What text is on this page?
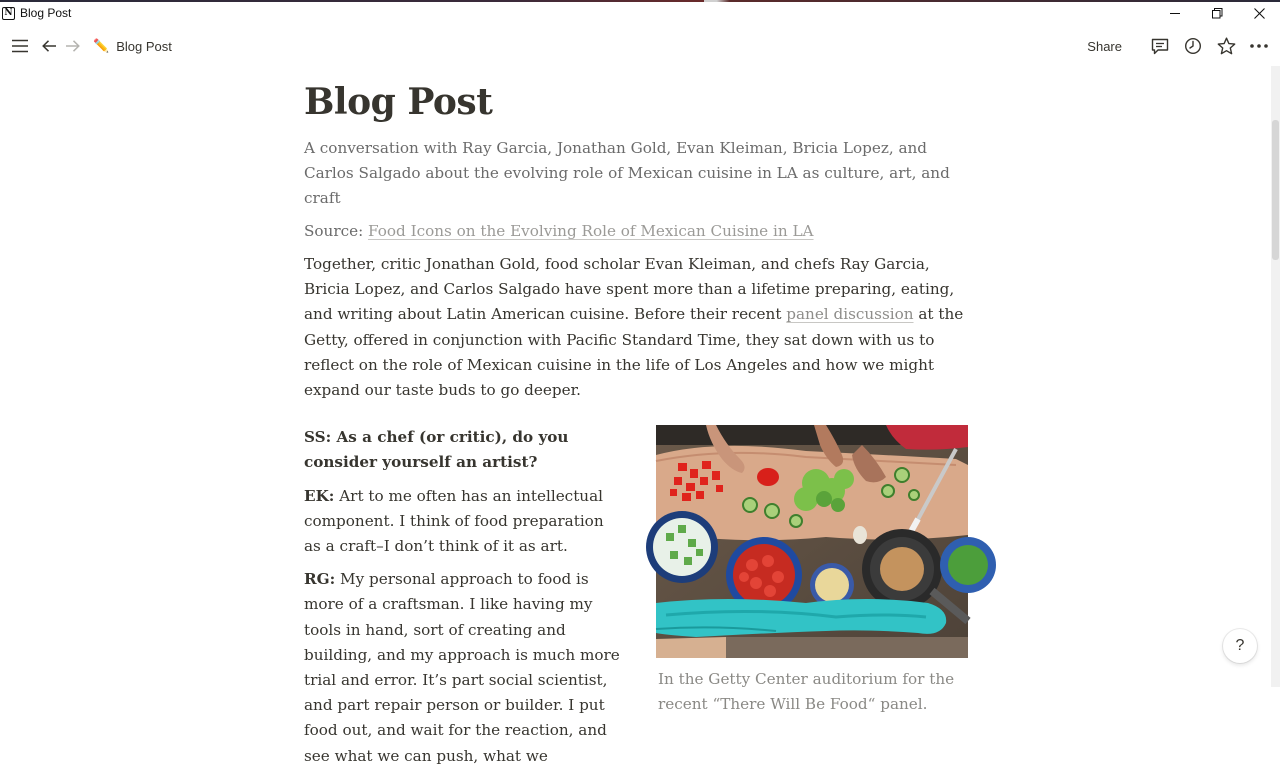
N Blog Post
✏️ Blog Post	Share
Blog Post

A conversation with Ray Garcia, Jonathan Gold, Evan Kleiman, Bricia Lopez, and Carlos Salgado about the evolving role of Mexican cuisine in LA as culture, art, and craft

Source: Food Icons on the Evolving Role of Mexican Cuisine in LA

Together, critic Jonathan Gold, food scholar Evan Kleiman, and chefs Ray Garcia, Bricia Lopez, and Carlos Salgado have spent more than a lifetime preparing, eating, and writing about Latin American cuisine. Before their recent panel discussion at the Getty, offered in conjunction with Pacific Standard Time, they sat down with us to reflect on the role of Mexican cuisine in the life of Los Angeles and how we might expand our taste buds to go deeper.

SS: As a chef (or critic), do you consider yourself an artist?

EK: Art to me often has an intellectual component. I think of food preparation as a craft–I don’t think of it as art.

RG: My personal approach to food is more of a craftsman. I like having my tools in hand, sort of creating and building, and my approach is much more trial and error. It’s part social scientist, and part repair person or builder. I put food out, and wait for the reaction, and see what we can push, what we

In the Getty Center auditorium for the recent “There Will Be Food“ panel.

?
